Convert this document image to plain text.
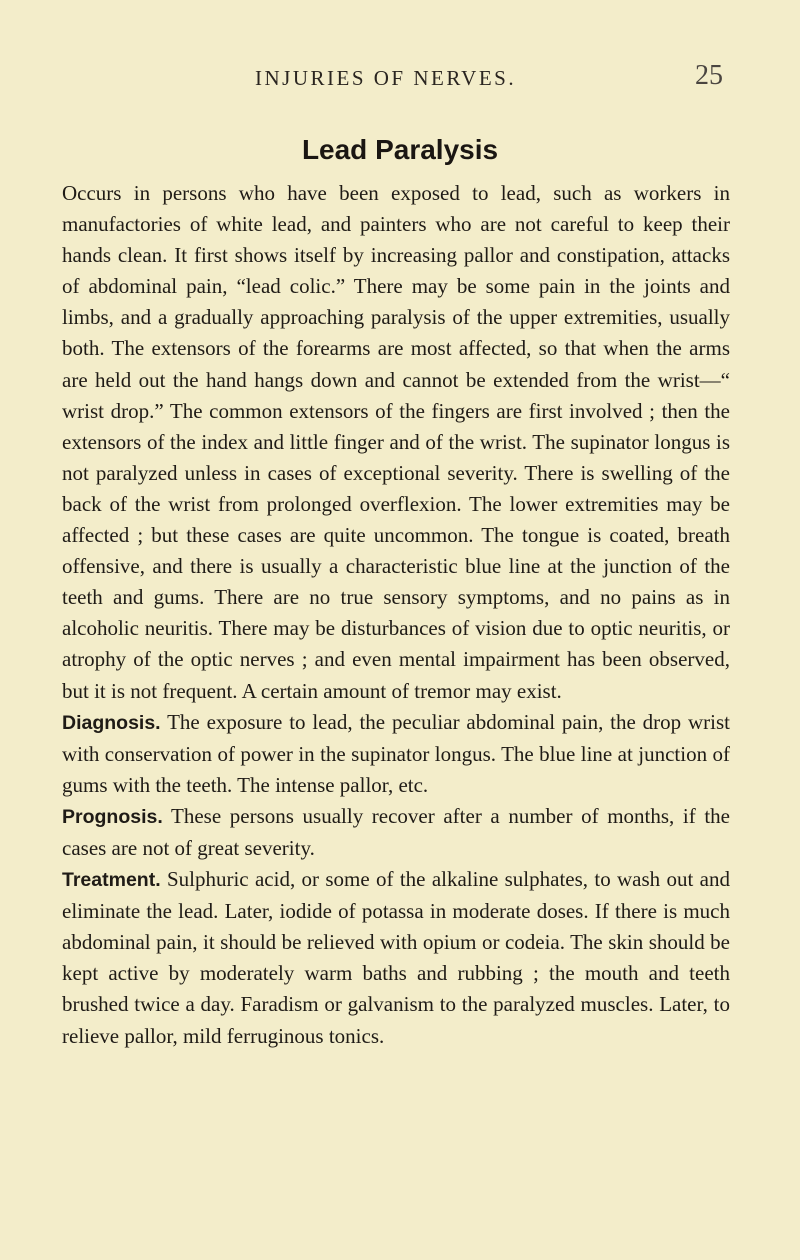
INJURIES OF NERVES.	25
Lead Paralysis

Occurs in persons who have been exposed to lead, such as workers in manufactories of white lead, and painters who are not careful to keep their hands clean. It first shows itself by increasing pallor and constipation, attacks of abdominal pain, “lead colic.” There may be some pain in the joints and limbs, and a gradually approaching paralysis of the upper extremities, usually both. The extensors of the forearms are most affected, so that when the arms are held out the hand hangs down and cannot be extended from the wrist—“ wrist drop.” The common extensors of the fingers are first involved ; then the extensors of the index and little finger and of the wrist. The supinator longus is not paralyzed unless in cases of exceptional severity. There is swelling of the back of the wrist from prolonged overflexion. The lower extremities may be affected ; but these cases are quite uncommon. The tongue is coated, breath offensive, and there is usually a characteristic blue line at the junction of the teeth and gums. There are no true sensory symptoms, and no pains as in alcoholic neuritis. There may be disturbances of vision due to optic neuritis, or atrophy of the optic nerves ; and even mental impairment has been observed, but it is not frequent. A certain amount of tremor may exist.

Diagnosis. The exposure to lead, the peculiar abdominal pain, the drop wrist with conservation of power in the supinator longus. The blue line at junction of gums with the teeth. The intense pallor, etc.

Prognosis. These persons usually recover after a number of months, if the cases are not of great severity.

Treatment. Sulphuric acid, or some of the alkaline sulphates, to wash out and eliminate the lead. Later, iodide of potassa in moderate doses. If there is much abdominal pain, it should be relieved with opium or codeia. The skin should be kept active by moderately warm baths and rubbing ; the mouth and teeth brushed twice a day. Faradism or galvanism to the paralyzed muscles. Later, to relieve pallor, mild ferruginous tonics.
